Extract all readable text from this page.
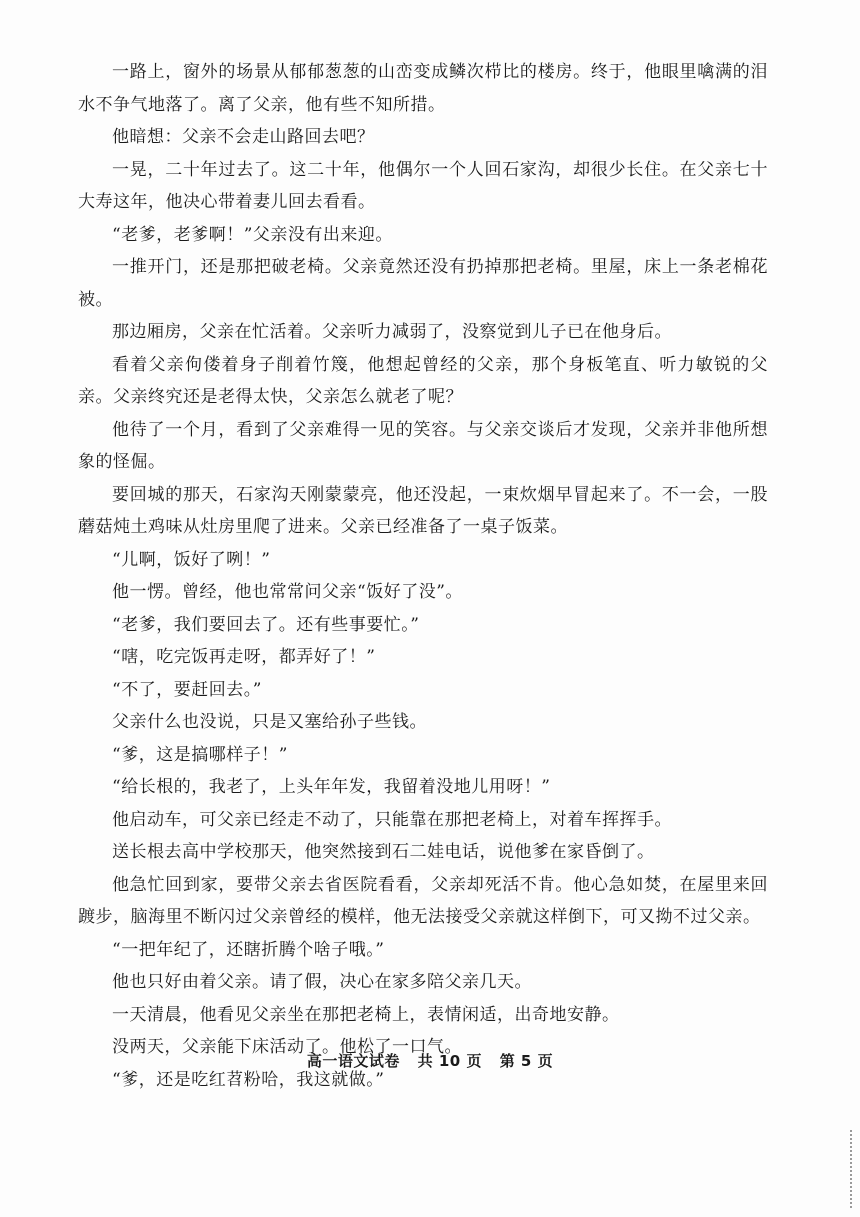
一路上，窗外的场景从郁郁葱葱的山峦变成鳞次栉比的楼房。终于，他眼里噙满的泪水不争气地落了。离了父亲，他有些不知所措。

他暗想：父亲不会走山路回去吧？

一晃，二十年过去了。这二十年，他偶尔一个人回石家沟，却很少长住。在父亲七十大寿这年，他决心带着妻儿回去看看。

“老爹，老爹啊！”父亲没有出来迎。

一推开门，还是那把破老椅。父亲竟然还没有扔掉那把老椅。里屋，床上一条老棉花被。

那边厢房，父亲在忙活着。父亲听力减弱了，没察觉到儿子已在他身后。

看着父亲佝偻着身子削着竹篾，他想起曾经的父亲，那个身板笔直、听力敏锐的父亲。父亲终究还是老得太快，父亲怎么就老了呢？

他待了一个月，看到了父亲难得一见的笑容。与父亲交谈后才发现，父亲并非他所想象的怪倔。

要回城的那天，石家沟天刚蒙蒙亮，他还没起，一束炊烟早冒起来了。不一会，一股蘑菇炖土鸡味从灶房里爬了进来。父亲已经准备了一桌子饭菜。

“儿啊，饭好了咧！”

他一愣。曾经，他也常常问父亲“饭好了没”。

“老爹，我们要回去了。还有些事要忙。”

“嗐，吃完饭再走呀，都弄好了！”

“不了，要赶回去。”

父亲什么也没说，只是又塞给孙子些钱。

“爹，这是搞哪样子！”

“给长根的，我老了，上头年年发，我留着没地儿用呀！”

他启动车，可父亲已经走不动了，只能靠在那把老椅上，对着车挥挥手。

送长根去高中学校那天，他突然接到石二娃电话，说他爹在家昏倒了。

他急忙回到家，要带父亲去省医院看看，父亲却死活不肯。他心急如焚，在屋里来回踱步，脑海里不断闪过父亲曾经的模样，他无法接受父亲就这样倒下，可又拗不过父亲。

“一把年纪了，还瞎折腾个啥子哦。”

他也只好由着父亲。请了假，决心在家多陪父亲几天。

一天清晨，他看见父亲坐在那把老椅上，表情闲适，出奇地安静。

没两天，父亲能下床活动了。他松了一口气。

“爹，还是吃红苕粉哈，我这就做。”

高一语文试卷 共 10 页 第 5 页
